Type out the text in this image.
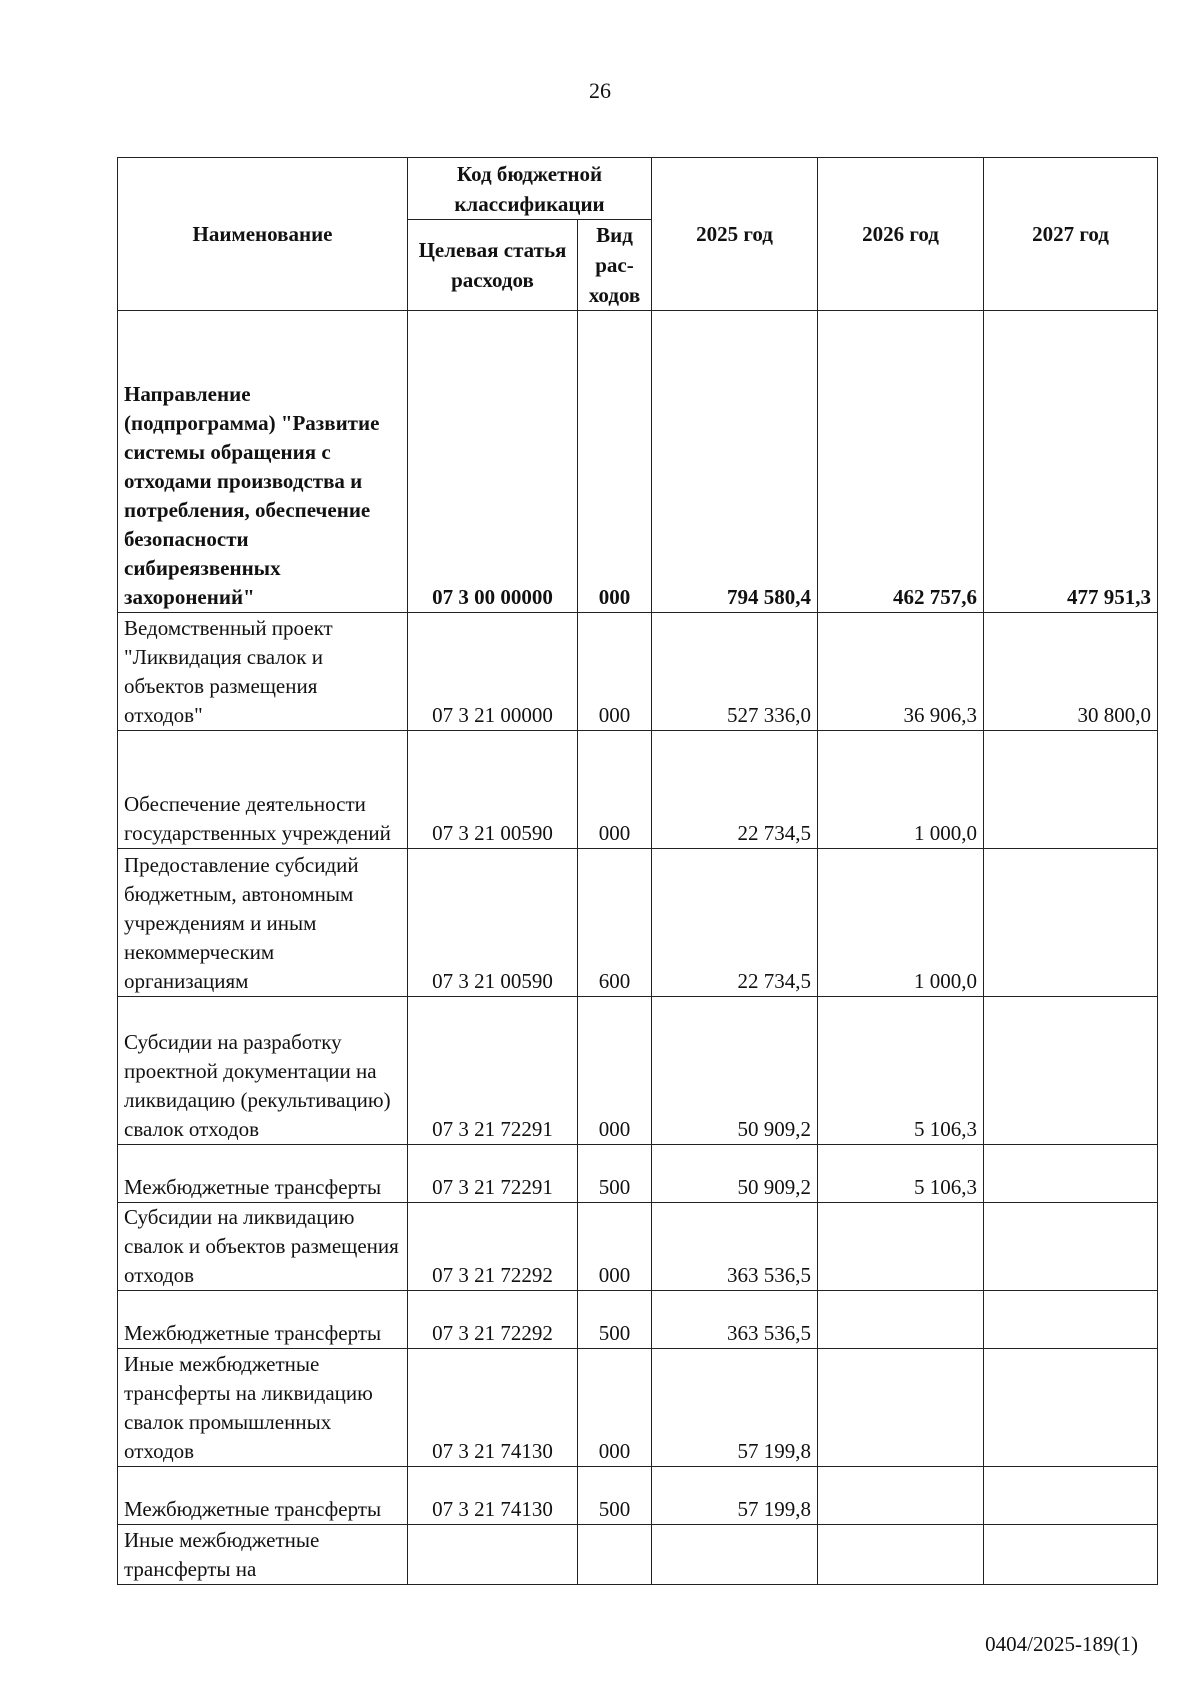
26
Наименование	Код бюджетной классификации		2025 год	2026 год	2027 год
	Целевая статья расходов	Вид рас-ходов			
Направление (подпрограмма) "Развитие системы обращения с отходами производства и потребления, обеспечение безопасности сибиреязвенных захоронений"	07 3 00 00000	000	794 580,4	462 757,6	477 951,3
Ведомственный проект "Ликвидация свалок и объектов размещения отходов"	07 3 21 00000	000	527 336,0	36 906,3	30 800,0
Обеспечение деятельности государственных учреждений	07 3 21 00590	000	22 734,5	1 000,0	
Предоставление субсидий бюджетным, автономным учреждениям и иным некоммерческим организациям	07 3 21 00590	600	22 734,5	1 000,0	
Субсидии на разработку проектной документации на ликвидацию (рекультивацию) свалок отходов	07 3 21 72291	000	50 909,2	5 106,3	
Межбюджетные трансферты	07 3 21 72291	500	50 909,2	5 106,3	
Субсидии на ликвидацию свалок и объектов размещения отходов	07 3 21 72292	000	363 536,5		
Межбюджетные трансферты	07 3 21 72292	500	363 536,5		
Иные межбюджетные трансферты на ликвидацию свалок промышленных отходов	07 3 21 74130	000	57 199,8		
Межбюджетные трансферты	07 3 21 74130	500	57 199,8		
Иные межбюджетные трансферты на					
0404/2025-189(1)
